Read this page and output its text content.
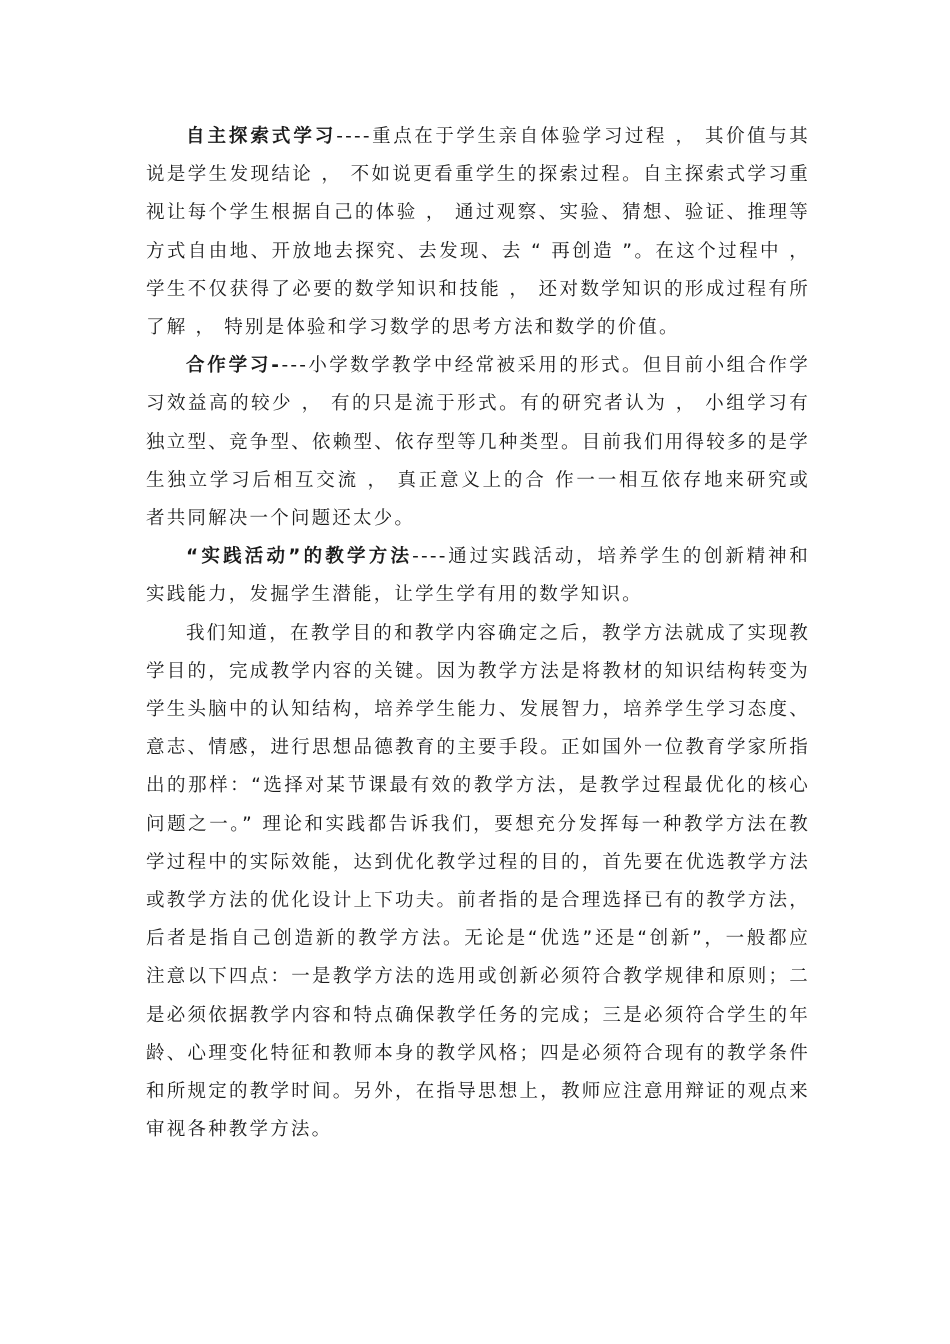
自主探索式学习----重点在于学生亲自体验学习过程 ， 其价值与其说是学生发现结论 ， 不如说更看重学生的探索过程。自主探索式学习重视让每个学生根据自己的体验 ， 通过观察、实验、猜想、验证、推理等方式自由地、开放地去探究、去发现、去 “ 再创造 ”。在这个过程中 ， 学生不仅获得了必要的数学知识和技能 ， 还对数学知识的形成过程有所了解 ， 特别是体验和学习数学的思考方法和数学的价值。

合作学习----小学数学教学中经常被采用的形式。但目前小组合作学习效益高的较少 ， 有的只是流于形式。有的研究者认为 ， 小组学习有独立型、竞争型、依赖型、依存型等几种类型。目前我们用得较多的是学生独立学习后相互交流 ， 真正意义上的合 作一一相互依存地来研究或者共同解决一个问题还太少。

“实践活动”的教学方法----通过实践活动，培养学生的创新精神和实践能力，发掘学生潜能，让学生学有用的数学知识。

我们知道，在教学目的和教学内容确定之后，教学方法就成了实现教学目的，完成教学内容的关键。因为教学方法是将教材的知识结构转变为学生头脑中的认知结构，培养学生能力、发展智力，培养学生学习态度、意志、情感，进行思想品德教育的主要手段。正如国外一位教育学家所指出的那样：“选择对某节课最有效的教学方法，是教学过程最优化的核心问题之一。” 理论和实践都告诉我们，要想充分发挥每一种教学方法在教学过程中的实际效能，达到优化教学过程的目的，首先要在优选教学方法或教学方法的优化设计上下功夫。前者指的是合理选择已有的教学方法，后者是指自己创造新的教学方法。无论是“优选”还是“创新”，一般都应注意以下四点：一是教学方法的选用或创新必须符合教学规律和原则；二是必须依据教学内容和特点确保教学任务的完成；三是必须符合学生的年龄、心理变化特征和教师本身的教学风格；四是必须符合现有的教学条件和所规定的教学时间。另外，在指导思想上，教师应注意用辩证的观点来审视各种教学方法。
